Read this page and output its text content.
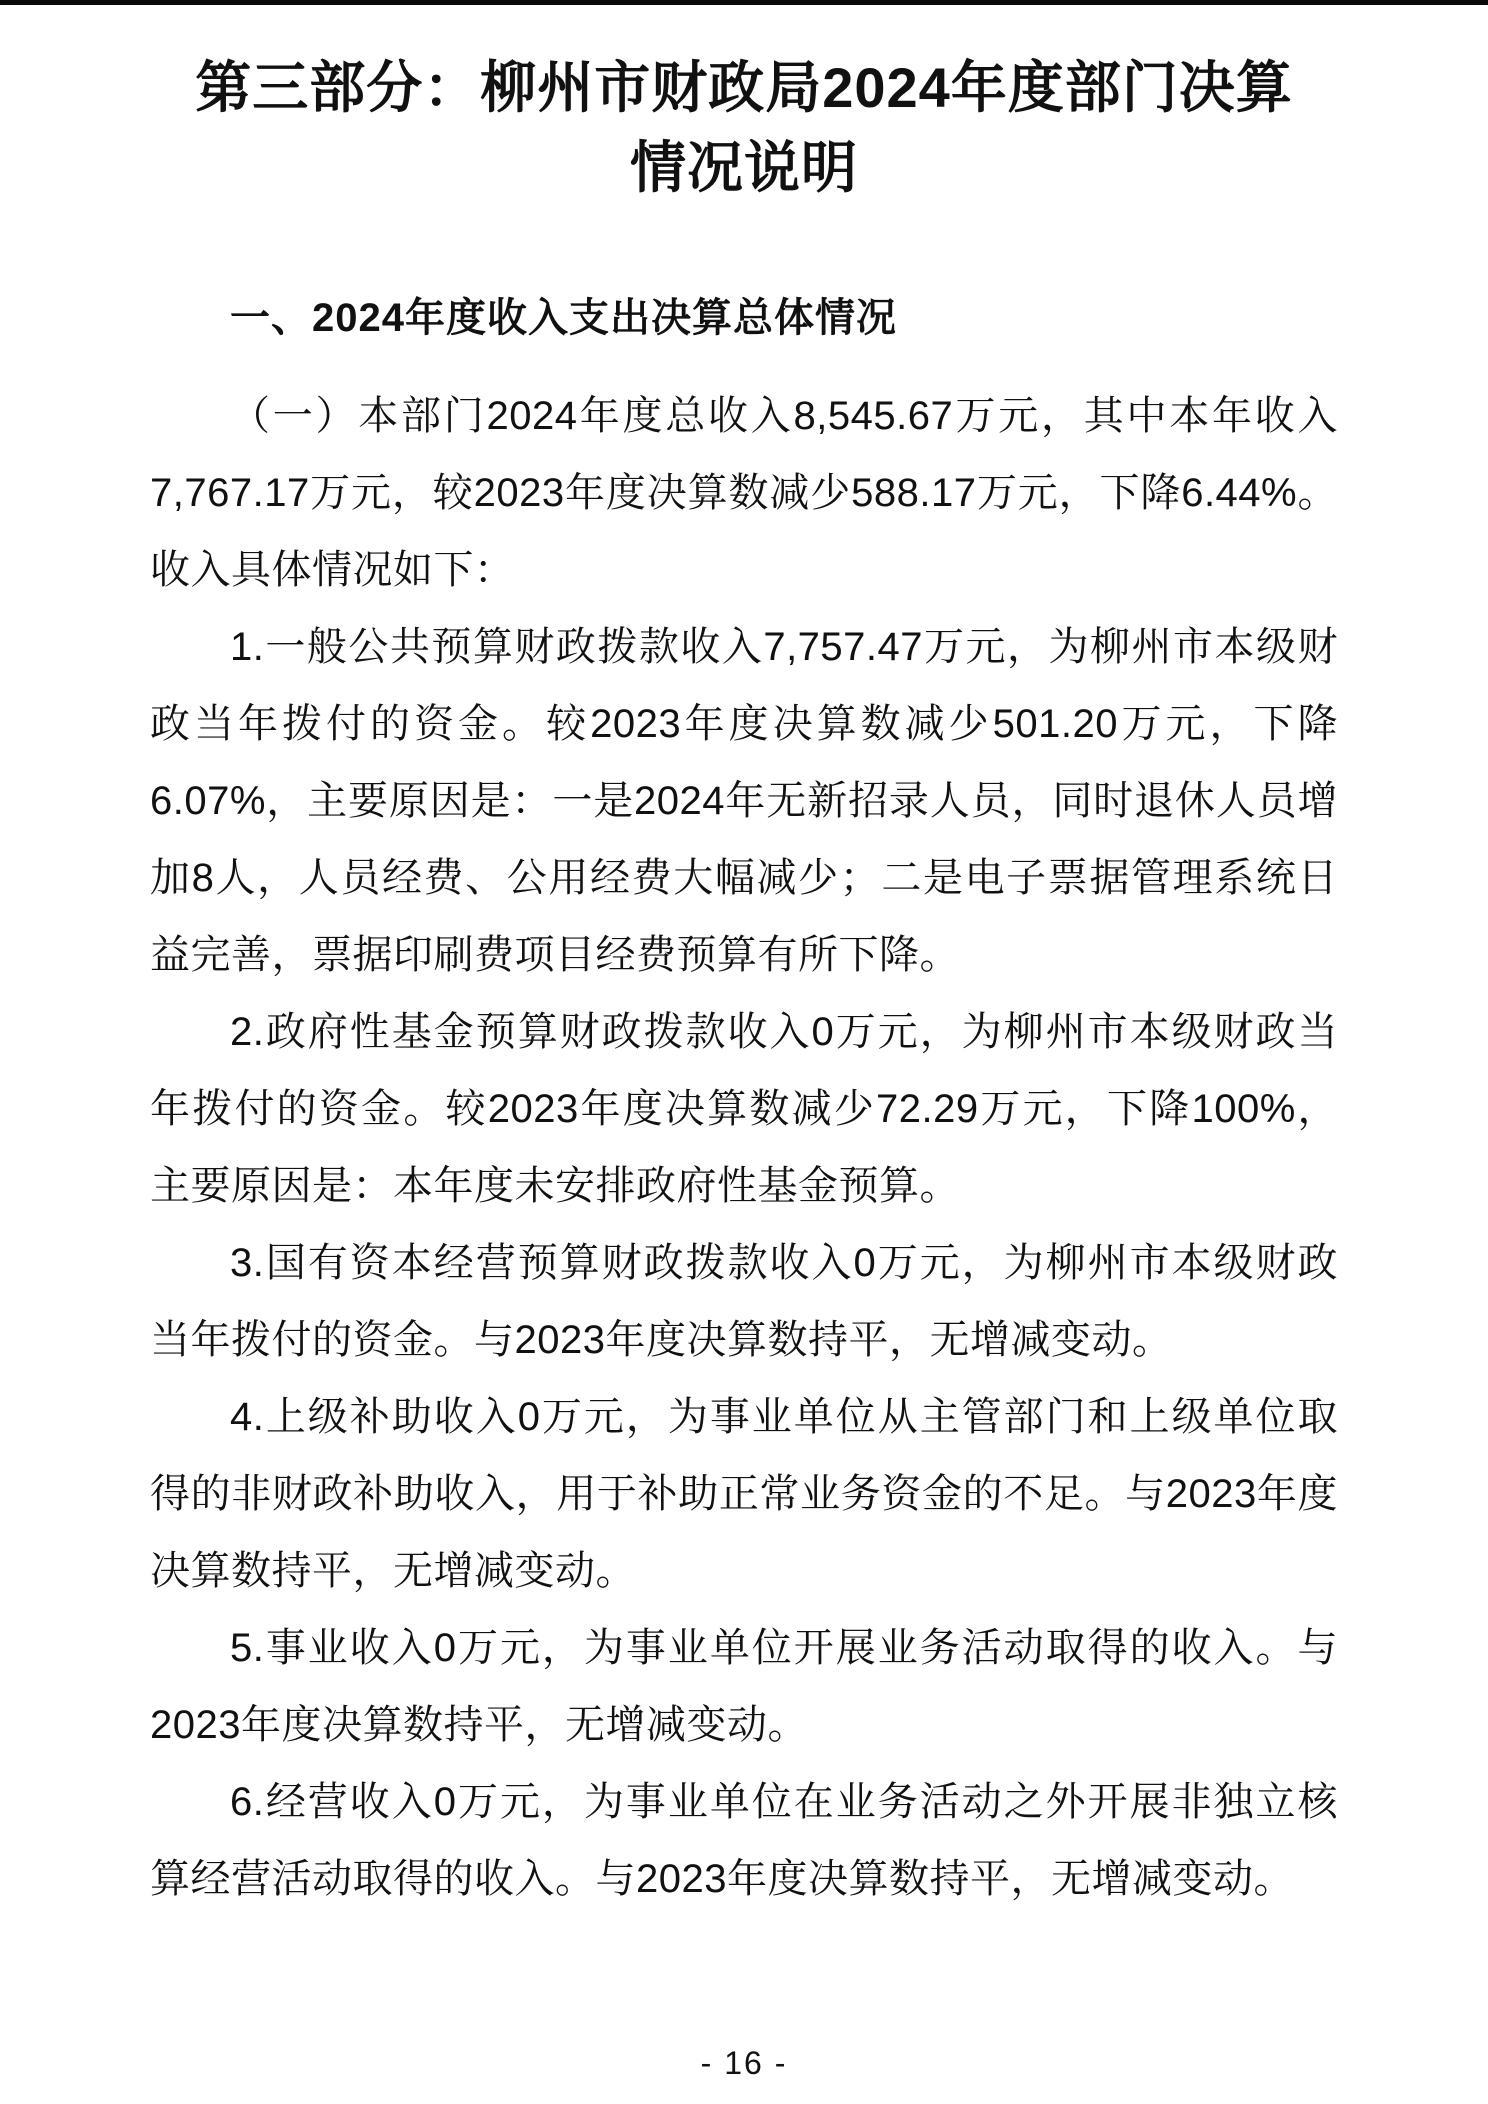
第三部分：柳州市财政局2024年度部门决算
情况说明
一、2024年度收入支出决算总体情况

（一）本部门2024年度总收入8,545.67万元，其中本年收入7,767.17万元，较2023年度决算数减少588.17万元，下降6.44%。收入具体情况如下：

1.一般公共预算财政拨款收入7,757.47万元，为柳州市本级财政当年拨付的资金。较2023年度决算数减少501.20万元，下降6.07%，主要原因是：一是2024年无新招录人员，同时退休人员增加8人，人员经费、公用经费大幅减少；二是电子票据管理系统日益完善，票据印刷费项目经费预算有所下降。

2.政府性基金预算财政拨款收入0万元，为柳州市本级财政当年拨付的资金。较2023年度决算数减少72.29万元，下降100%，主要原因是：本年度未安排政府性基金预算。

3.国有资本经营预算财政拨款收入0万元，为柳州市本级财政当年拨付的资金。与2023年度决算数持平，无增减变动。

4.上级补助收入0万元，为事业单位从主管部门和上级单位取得的非财政补助收入，用于补助正常业务资金的不足。与2023年度决算数持平，无增减变动。

5.事业收入0万元，为事业单位开展业务活动取得的收入。与2023年度决算数持平，无增减变动。

6.经营收入0万元，为事业单位在业务活动之外开展非独立核算经营活动取得的收入。与2023年度决算数持平，无增减变动。

- 16 -
